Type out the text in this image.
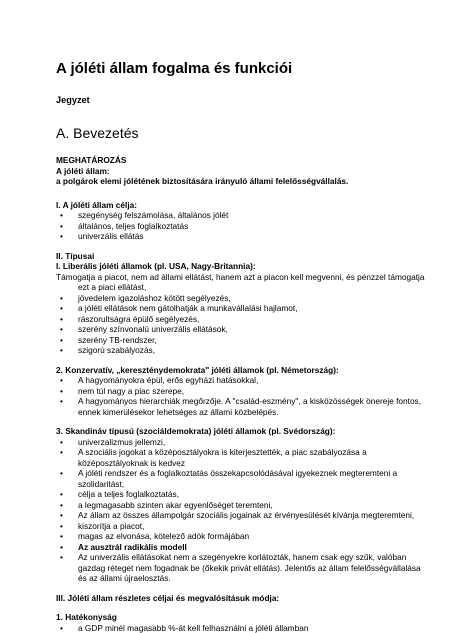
A jóléti állam fogalma és funkciói
Jegyzet
A. Bevezetés
MEGHATÁROZÁS
A jóléti állam:
a polgárok elemi jólétének biztosítására irányuló állami felelősségvállalás.
I. A jóléti állam célja:
• szegénység felszámolása, általános jólét
• általános, teljes foglalkoztatás
• univerzális ellátás
II. Típusai
I. Liberális jóléti államok (pl. USA, Nagy-Britannia):
Támogatja a piacot, nem ad állami ellátást, hanem azt a piacon kell megvenni, és pénzzel támogatja
ezt a piaci ellátást,
• jövedelem igazoláshoz kötött segélyezés,
• a jóléti ellátások nem gátolhatják a munkavállalási hajlamot,
• rászorultságra épülő segélyezés,
• szerény színvonalú univerzális ellátások,
• szerény TB-rendszer,
• szigorú szabályozás,
2. Konzervatív, „kereszténydemokrata" jóléti államok (pl. Németország):
• A hagyományokra épül, erős egyházi hatásokkal,
• nem túl nagy a piac szerepe,
• A hagyományos hierarchiák megőrzője. A "család-eszmény", a kisközösségek önereje fontos,
ennek kimerülésekor lehetséges az állami közbelépés.
3. Skandináv típusú (szociáldemokrata) jóléti államok (pl. Svédország):
• univerzalizmus jellemzi,
• A szociális jogokat a középosztályokra is kiterjesztették, a piac szabályozása a
középosztályoknak is kedvez
• A jóléti rendszer és a foglalkoztatás összekapcsolódásával igyekeznek megteremteni a
szolidaritást,
• célja a teljes foglalkoztatás,
• a legmagasabb szinten akar egyenlőséget teremteni,
• Az állam az összes állampolgár szociális jogainak az érvényesülését kívánja megteremteni,
• kiszorítja a piacot,
• magas az elvonása, kötelező adók formájában
▪ Az ausztrál radikális modell
• Az univerzális ellátásokat nem a szegényekre korlátozták, hanem csak egy szűk, valóban
gazdag réteget nem fogadnak be (őkekik privát ellátás). Jelentős az állam felelősségvállalása
és az állami újraelosztás.
III. Jóléti állam részletes céljai és megvalósításuk módja:
1. Hatékonyság
• a GDP minél magasabb %-át kell felhasználni a jóléti államban
